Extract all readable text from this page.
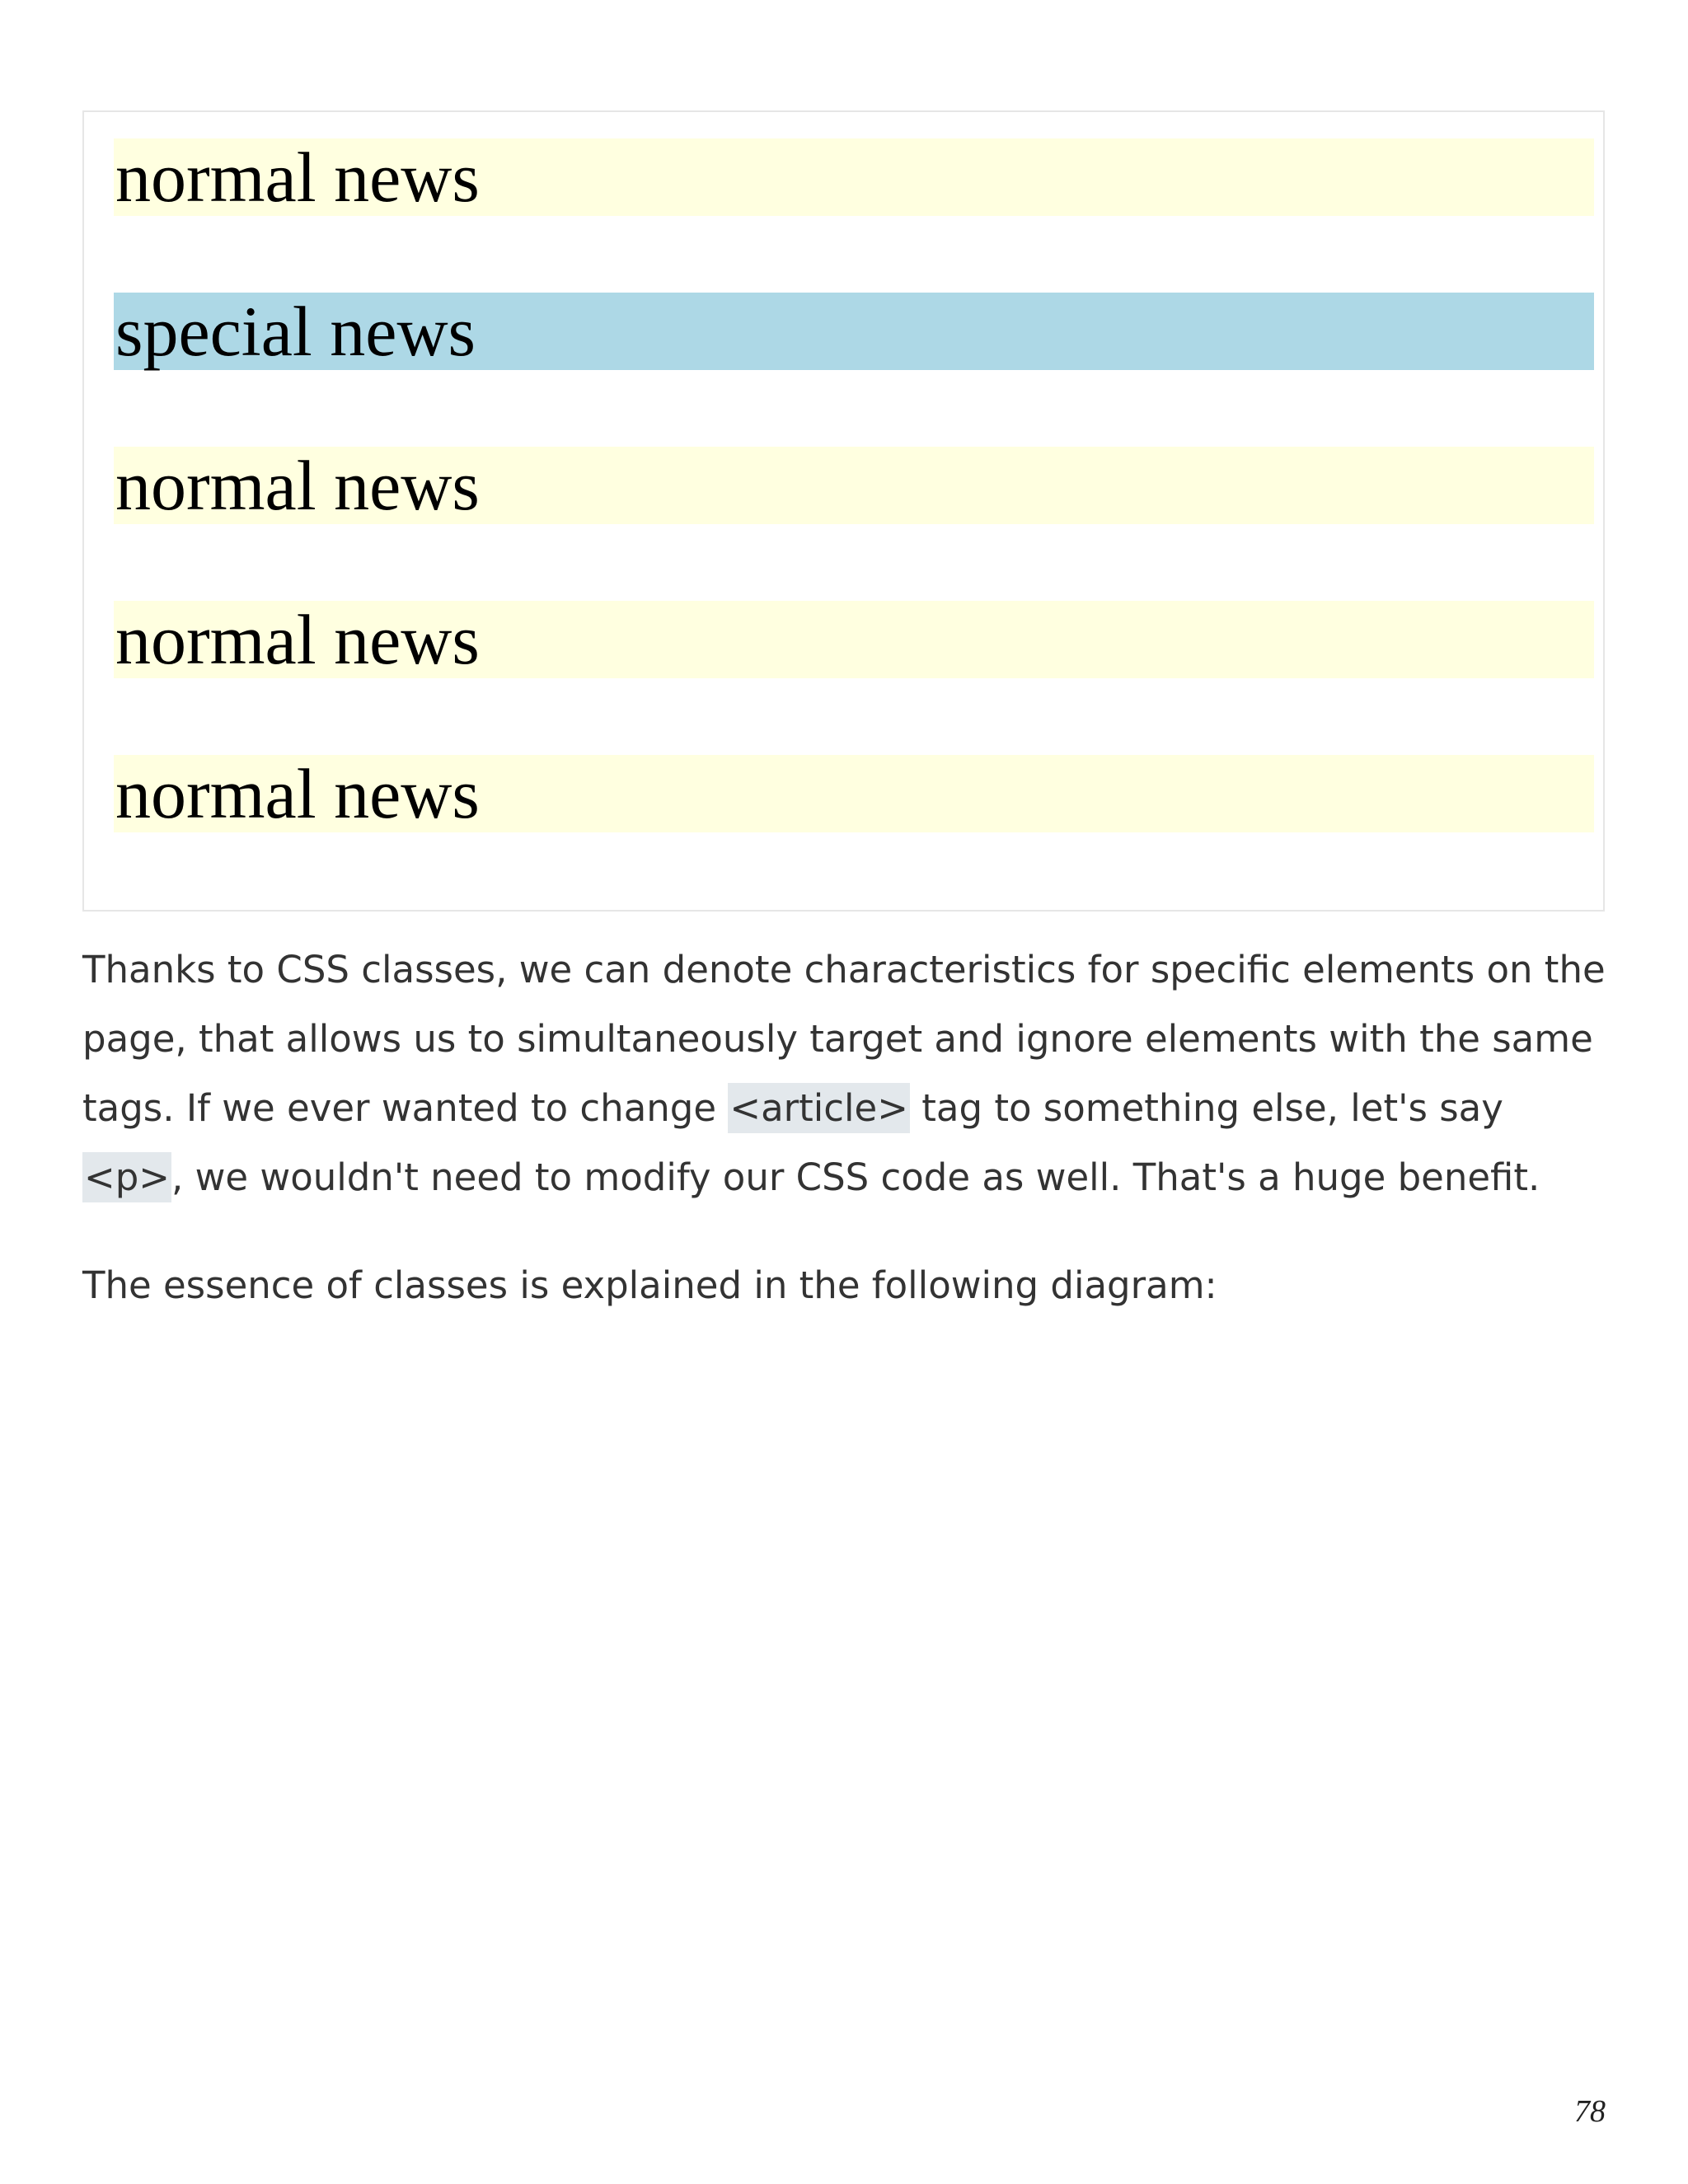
normal news
special news
normal news
normal news
normal news

Thanks to CSS classes, we can denote characteristics for specific elements on the page, that allows us to simultaneously target and ignore elements with the same tags. If we ever wanted to change <article> tag to something else, let's say <p>, we wouldn't need to modify our CSS code as well. That's a huge benefit.

The essence of classes is explained in the following diagram:

78
